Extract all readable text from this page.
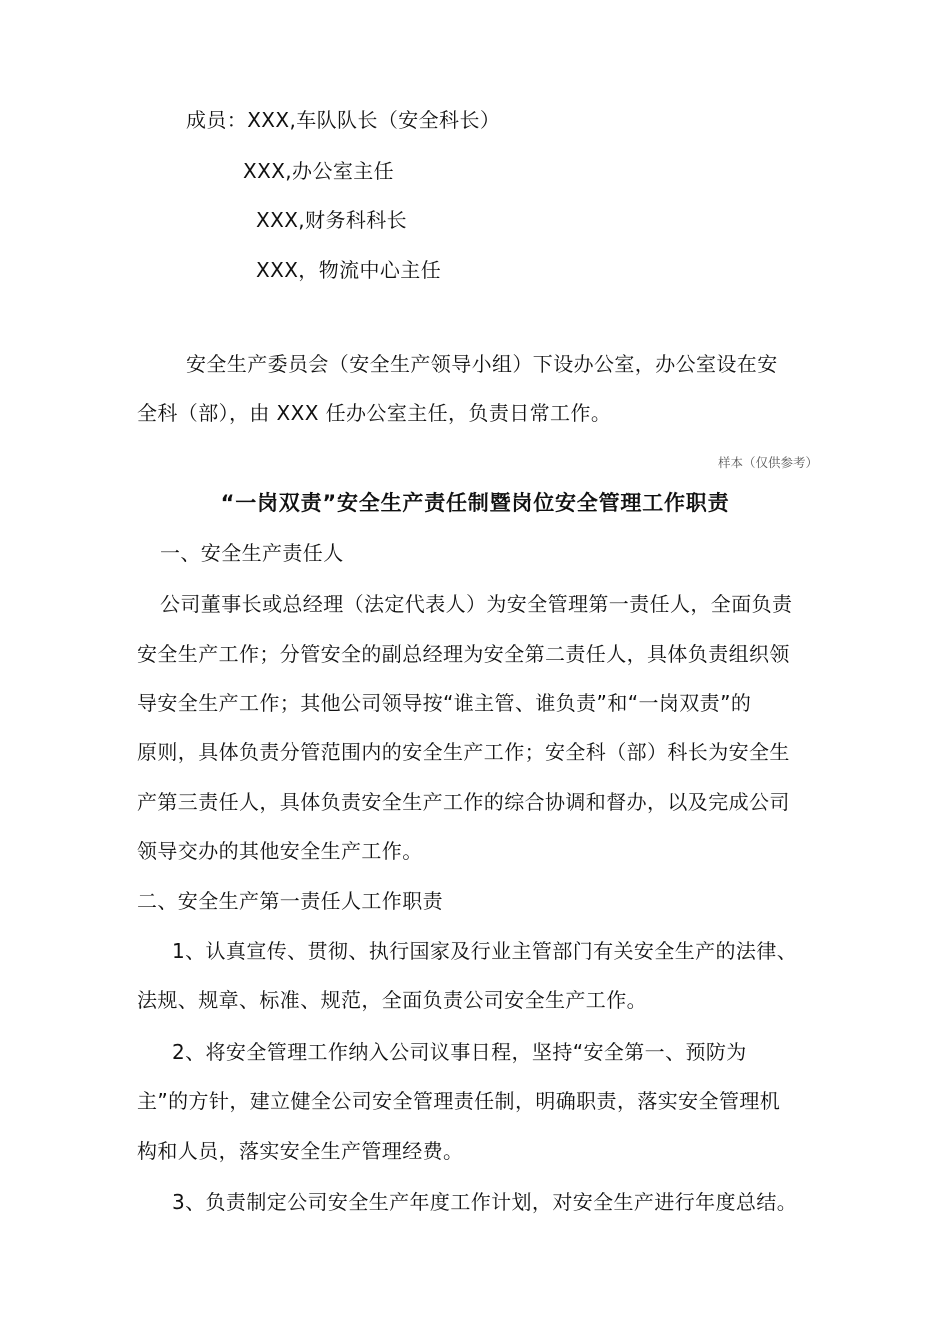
成员：XXX,车队队长（安全科长）

XXX,办公室主任

XXX,财务科科长

XXX，物流中心主任

安全生产委员会（安全生产领导小组）下设办公室，办公室设在安

全科（部），由 XXX 任办公室主任，负责日常工作。

样本（仅供参考）

“一岗双责”安全生产责任制暨岗位安全管理工作职责

一、安全生产责任人

公司董事长或总经理（法定代表人）为安全管理第一责任人，全面负责

安全生产工作；分管安全的副总经理为安全第二责任人，具体负责组织领

导安全生产工作；其他公司领导按“谁主管、谁负责”和“一岗双责”的

原则，具体负责分管范围内的安全生产工作；安全科（部）科长为安全生

产第三责任人，具体负责安全生产工作的综合协调和督办，以及完成公司

领导交办的其他安全生产工作。

二、安全生产第一责任人工作职责

1、认真宣传、贯彻、执行国家及行业主管部门有关安全生产的法律、

法规、规章、标准、规范，全面负责公司安全生产工作。

2、将安全管理工作纳入公司议事日程，坚持“安全第一、预防为

主”的方针，建立健全公司安全管理责任制，明确职责，落实安全管理机

构和人员，落实安全生产管理经费。

3、负责制定公司安全生产年度工作计划，对安全生产进行年度总结。
